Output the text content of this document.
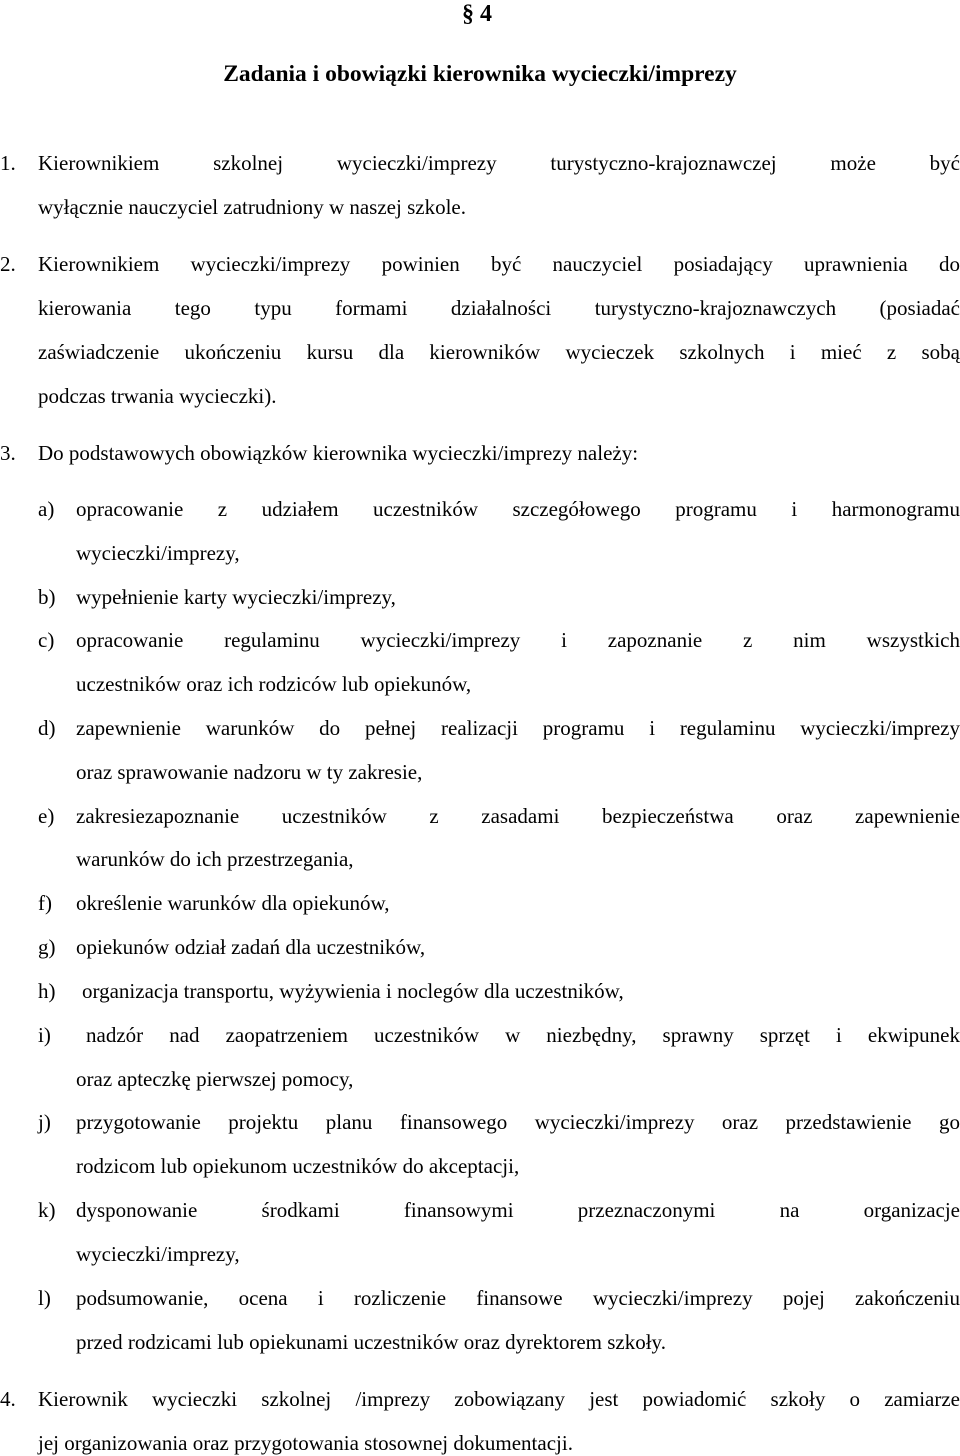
§ 4
Zadania i obowiązki kierownika wycieczki/imprezy
1. Kierownikiem szkolnej wycieczki/imprezy turystyczno-krajoznawczej może być
wyłącznie nauczyciel zatrudniony w naszej szkole.
2. Kierownikiem wycieczki/imprezy powinien być nauczyciel posiadający uprawnienia do
kierowania tego typu formami działalności turystyczno-krajoznawczych (posiadać
zaświadczenie ukończeniu kursu dla kierowników wycieczek szkolnych i mieć z sobą
podczas trwania wycieczki).
3. Do podstawowych obowiązków kierownika wycieczki/imprezy należy:
a) opracowanie z udziałem uczestników szczegółowego programu i harmonogramu
wycieczki/imprezy,
b) wypełnienie karty wycieczki/imprezy,
c) opracowanie regulaminu wycieczki/imprezy i zapoznanie z nim wszystkich
uczestników oraz ich rodziców lub opiekunów,
d) zapewnienie warunków do pełnej realizacji programu i regulaminu wycieczki/imprezy
oraz sprawowanie nadzoru w ty zakresie,
e) zakresiezapoznanie uczestników z zasadami bezpieczeństwa oraz zapewnienie
warunków do ich przestrzegania,
f) określenie warunków dla opiekunów,
g) opiekunów odział zadań dla uczestników,
h) organizacja transportu, wyżywienia i noclegów dla uczestników,
i) nadzór nad zaopatrzeniem uczestników w niezbędny, sprawny sprzęt i ekwipunek
oraz apteczkę pierwszej pomocy,
j) przygotowanie projektu planu finansowego wycieczki/imprezy oraz przedstawienie go
rodzicom lub opiekunom uczestników do akceptacji,
k) dysponowanie środkami finansowymi przeznaczonymi na organizacje
wycieczki/imprezy,
l) podsumowanie, ocena i rozliczenie finansowe wycieczki/imprezy pojej zakończeniu
przed rodzicami lub opiekunami uczestników oraz dyrektorem szkoły.
4. Kierownik wycieczki szkolnej /imprezy zobowiązany jest powiadomić szkoły o zamiarze
jej organizowania oraz przygotowania stosownej dokumentacji.
